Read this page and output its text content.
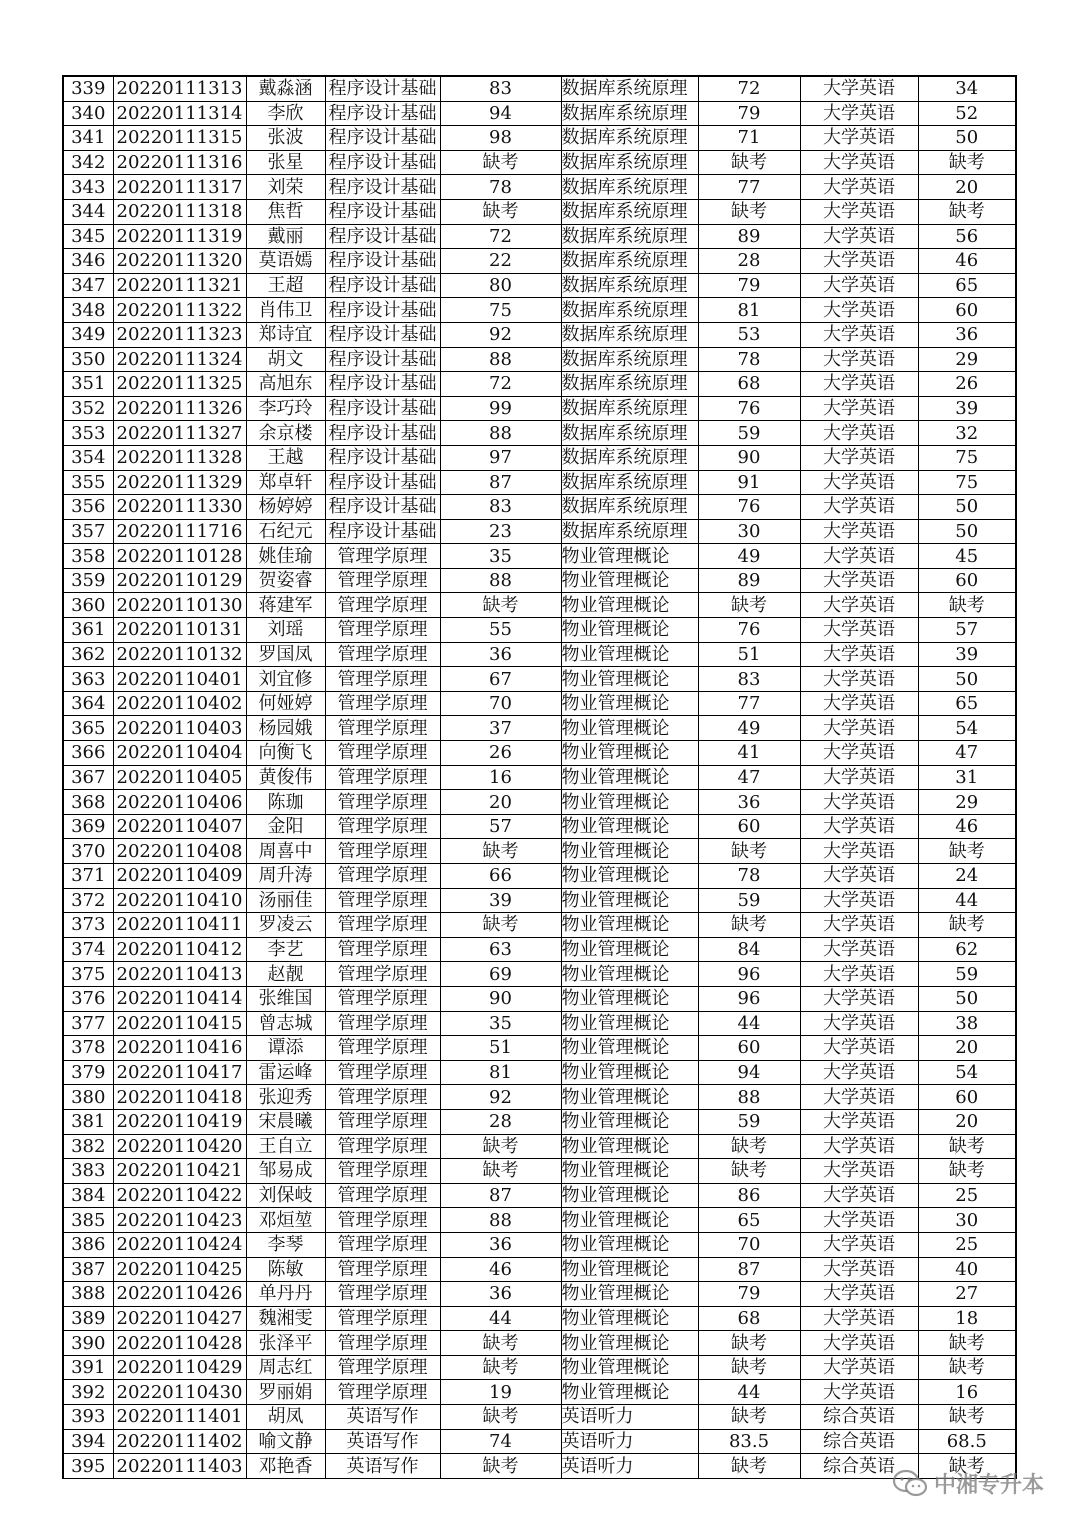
339	20220111313	戴淼涵	程序设计基础	83	数据库系统原理	72	大学英语	34
340	20220111314	李欣	程序设计基础	94	数据库系统原理	79	大学英语	52
341	20220111315	张波	程序设计基础	98	数据库系统原理	71	大学英语	50
342	20220111316	张星	程序设计基础	缺考	数据库系统原理	缺考	大学英语	缺考
343	20220111317	刘荣	程序设计基础	78	数据库系统原理	77	大学英语	20
344	20220111318	焦哲	程序设计基础	缺考	数据库系统原理	缺考	大学英语	缺考
345	20220111319	戴丽	程序设计基础	72	数据库系统原理	89	大学英语	56
346	20220111320	莫语嫣	程序设计基础	22	数据库系统原理	28	大学英语	46
347	20220111321	王超	程序设计基础	80	数据库系统原理	79	大学英语	65
348	20220111322	肖伟卫	程序设计基础	75	数据库系统原理	81	大学英语	60
349	20220111323	郑诗宜	程序设计基础	92	数据库系统原理	53	大学英语	36
350	20220111324	胡文	程序设计基础	88	数据库系统原理	78	大学英语	29
351	20220111325	高旭东	程序设计基础	72	数据库系统原理	68	大学英语	26
352	20220111326	李巧玲	程序设计基础	99	数据库系统原理	76	大学英语	39
353	20220111327	余京楼	程序设计基础	88	数据库系统原理	59	大学英语	32
354	20220111328	王越	程序设计基础	97	数据库系统原理	90	大学英语	75
355	20220111329	郑卓轩	程序设计基础	87	数据库系统原理	91	大学英语	75
356	20220111330	杨婷婷	程序设计基础	83	数据库系统原理	76	大学英语	50
357	20220111716	石纪元	程序设计基础	23	数据库系统原理	30	大学英语	50
358	20220110128	姚佳瑜	管理学原理	35	物业管理概论	49	大学英语	45
359	20220110129	贺姿睿	管理学原理	88	物业管理概论	89	大学英语	60
360	20220110130	蒋建军	管理学原理	缺考	物业管理概论	缺考	大学英语	缺考
361	20220110131	刘瑶	管理学原理	55	物业管理概论	76	大学英语	57
362	20220110132	罗国凤	管理学原理	36	物业管理概论	51	大学英语	39
363	20220110401	刘宜修	管理学原理	67	物业管理概论	83	大学英语	50
364	20220110402	何娅婷	管理学原理	70	物业管理概论	77	大学英语	65
365	20220110403	杨园娥	管理学原理	37	物业管理概论	49	大学英语	54
366	20220110404	向衡飞	管理学原理	26	物业管理概论	41	大学英语	47
367	20220110405	黄俊伟	管理学原理	16	物业管理概论	47	大学英语	31
368	20220110406	陈珈	管理学原理	20	物业管理概论	36	大学英语	29
369	20220110407	金阳	管理学原理	57	物业管理概论	60	大学英语	46
370	20220110408	周喜中	管理学原理	缺考	物业管理概论	缺考	大学英语	缺考
371	20220110409	周升涛	管理学原理	66	物业管理概论	78	大学英语	24
372	20220110410	汤丽佳	管理学原理	39	物业管理概论	59	大学英语	44
373	20220110411	罗凌云	管理学原理	缺考	物业管理概论	缺考	大学英语	缺考
374	20220110412	李艺	管理学原理	63	物业管理概论	84	大学英语	62
375	20220110413	赵靓	管理学原理	69	物业管理概论	96	大学英语	59
376	20220110414	张维国	管理学原理	90	物业管理概论	96	大学英语	50
377	20220110415	曾志城	管理学原理	35	物业管理概论	44	大学英语	38
378	20220110416	谭添	管理学原理	51	物业管理概论	60	大学英语	20
379	20220110417	雷运峰	管理学原理	81	物业管理概论	94	大学英语	54
380	20220110418	张迎秀	管理学原理	92	物业管理概论	88	大学英语	60
381	20220110419	宋晨曦	管理学原理	28	物业管理概论	59	大学英语	20
382	20220110420	王自立	管理学原理	缺考	物业管理概论	缺考	大学英语	缺考
383	20220110421	邹易成	管理学原理	缺考	物业管理概论	缺考	大学英语	缺考
384	20220110422	刘保岐	管理学原理	87	物业管理概论	86	大学英语	25
385	20220110423	邓烜堃	管理学原理	88	物业管理概论	65	大学英语	30
386	20220110424	李琴	管理学原理	36	物业管理概论	70	大学英语	25
387	20220110425	陈敏	管理学原理	46	物业管理概论	87	大学英语	40
388	20220110426	单丹丹	管理学原理	36	物业管理概论	79	大学英语	27
389	20220110427	魏湘雯	管理学原理	44	物业管理概论	68	大学英语	18
390	20220110428	张泽平	管理学原理	缺考	物业管理概论	缺考	大学英语	缺考
391	20220110429	周志红	管理学原理	缺考	物业管理概论	缺考	大学英语	缺考
392	20220110430	罗丽娟	管理学原理	19	物业管理概论	44	大学英语	16
393	20220111401	胡凤	英语写作	缺考	英语听力	缺考	综合英语	缺考
394	20220111402	喻文静	英语写作	74	英语听力	83.5	综合英语	68.5
395	20220111403	邓艳香	英语写作	缺考	英语听力	缺考	综合英语	缺考
中湘专升本
